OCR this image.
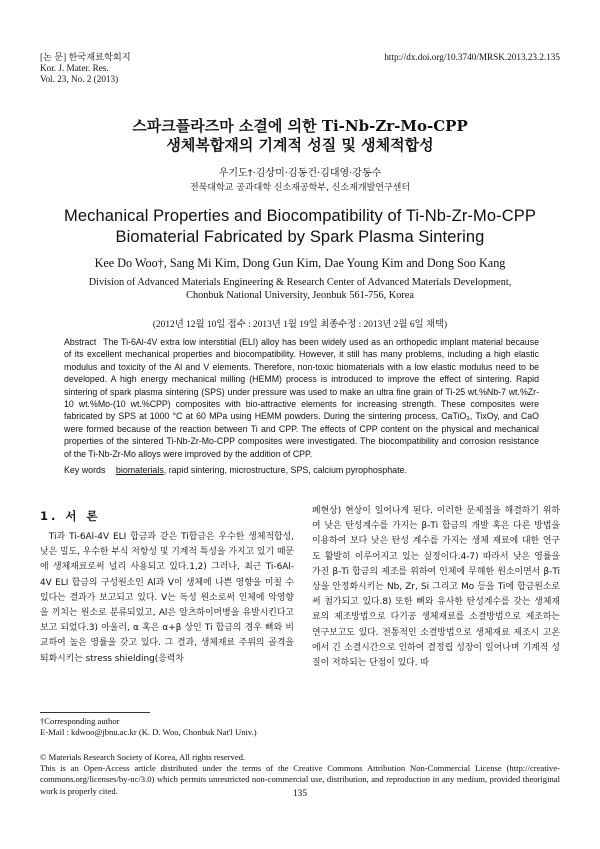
[논 문] 한국재료학회지
Kor. J. Mater. Res.
Vol. 23, No. 2 (2013)
http://dx.doi.org/10.3740/MRSK.2013.23.2.135
스파크플라즈마 소결에 의한 Ti-Nb-Zr-Mo-CPP
생체복합재의 기계적 성질 및 생체적합성
우기도†·김상미·김동건·김대영·강동수
전북대학교 공과대학 신소재공학부, 신소재개발연구센터
Mechanical Properties and Biocompatibility of Ti-Nb-Zr-Mo-CPP
Biomaterial Fabricated by Spark Plasma Sintering
Kee Do Woo†, Sang Mi Kim, Dong Gun Kim, Dae Young Kim and Dong Soo Kang
Division of Advanced Materials Engineering & Research Center of Advanced Materials Development,
Chonbuk National University, Jeonbuk 561-756, Korea
(2012년 12월 10일 접수 : 2013년 1월 19일 최종수정 : 2013년 2월 6일 채택)
Abstract The Ti-6Al-4V extra low interstitial (ELI) alloy has been widely used as an orthopedic implant material because of its excellent mechanical properties and biocompatibility. However, it still has many problems, including a high elastic modulus and toxicity of the Al and V elements. Therefore, non-toxic biomaterials with a low elastic modulus need to be developed. A high energy mechanical milling (HEMM) process is introduced to improve the effect of sintering. Rapid sintering of spark plasma sintering (SPS) under pressure was used to make an ultra fine grain of Ti-25 wt.%Nb-7 wt.%Zr-10 wt.%Mo-(10 wt.%CPP) composites with bio-attractive elements for increasing strength. These composites were fabricated by SPS at 1000 °C at 60 MPa using HEMM powders. During the sintering process, CaTiO₃, TixOy, and CaO were formed because of the reaction between Ti and CPP. The effects of CPP content on the physical and mechanical properties of the sintered Ti-Nb-Zr-Mo-CPP composites were investigated. The biocompatibility and corrosion resistance of the Ti-Nb-Zr-Mo alloys were improved by the addition of CPP.
Key words biomaterials, rapid sintering, microstructure, SPS, calcium pyrophosphate.
1. 서 론
Ti과 Ti-6Al-4V ELI 합금과 같은 Ti합금은 우수한 생체적합성, 낮은 밀도, 우수한 부식 저항성 및 기계적 특성을 가지고 있기 때문에 생체재료로써 널리 사용되고 있다.1,2) 그러나, 최근 Ti-6Al-4V ELI 합금의 구성원소인 Al과 V이 생체에 나쁜 영향을 미칠 수 있다는 결과가 보고되고 있다. V는 독성 원소로써 인체에 악영향을 끼치는 원소로 분류되었고, Al은 알츠하이머병을 유발시킨다고 보고 되었다.3) 아울러, α 혹은 α+β 상인 Ti 합금의 경우 뼈와 비교하여 높은 영률을 갖고 있다. 그 결과, 생체재료 주위의 골격을 퇴화시키는 stress shielding(응력차
폐현상) 현상이 일어나게 된다. 이러한 문제점을 해결하기 위하여 낮은 탄성계수를 가지는 β-Ti 합금의 개발 혹은 다른 방법을 이용하여 보다 낮은 탄성 계수를 가지는 생체 재료에 대한 연구도 활발히 이루어지고 있는 실정이다.4-7) 따라서 낮은 영률을 가진 β-Ti 합금의 제조를 위하여 인체에 무해한 원소이면서 β-Ti 상을 안정화시키는 Nb, Zr, Si 그리고 Mo 등을 Ti에 합금원소로써 첨가되고 있다.8) 또한 뼈와 유사한 탄성계수를 갖는 생체재료의 제조방법으로 다기공 생체재료를 소결방법으로 제조하는 연구보고도 있다. 전통적인 소결방법으로 생체재료 제조시 고온에서 긴 소결시간으로 인하여 결정립 성장이 일어나며 기계적 성질이 저하되는 단점이 있다. 따
†Corresponding author
E-Mail : kdwoo@jbnu.ac.kr (K. D. Woo, Chonbuk Nat'l Univ.)
© Materials Research Society of Korea, All rights reserved.
This is an Open-Access article distributed under the terms of the Creative Commons Attribution Non-Commercial License (http://creative-commons.org/licenses/by-nc/3.0) which permits unrestricted non-commercial use, distribution, and reproduction in any medium, provided theoriginal work is properly cited.	135
